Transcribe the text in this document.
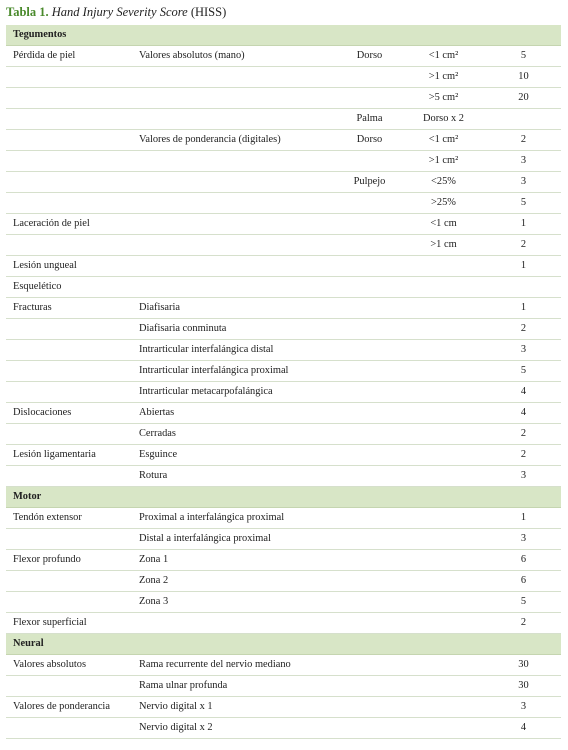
Tabla 1. Hand Injury Severity Score (HISS)
Tegumentos				
Pérdida de piel	Valores absolutos (mano)	Dorso	<1 cm²	5
			>1 cm²	10
			>5 cm²	20
		Palma	Dorso x 2	
	Valores de ponderancia (digitales)	Dorso	<1 cm²	2
			>1 cm²	3
		Pulpejo	<25%	3
			>25%	5
Laceración de piel			<1 cm	1
			>1 cm	2
Lesión ungueal				1
Esquelético				
Fracturas	Diafisaria			1
	Diafisaria conminuta			2
	Intrarticular interfalángica distal			3
	Intrarticular interfalángica proximal			5
	Intrarticular metacarpofalángica			4
Dislocaciones	Abiertas			4
	Cerradas			2
Lesión ligamentaria	Esguince			2
	Rotura			3
Motor				
Tendón extensor	Proximal a interfalángica proximal			1
	Distal a interfalángica proximal			3
Flexor profundo	Zona 1			6
	Zona 2			6
	Zona 3			5
Flexor superficial				2
Neural				
Valores absolutos	Rama recurrente del nervio mediano			30
	Rama ulnar profunda			30
Valores de ponderancia	Nervio digital x 1			3
	Nervio digital x 2			4
